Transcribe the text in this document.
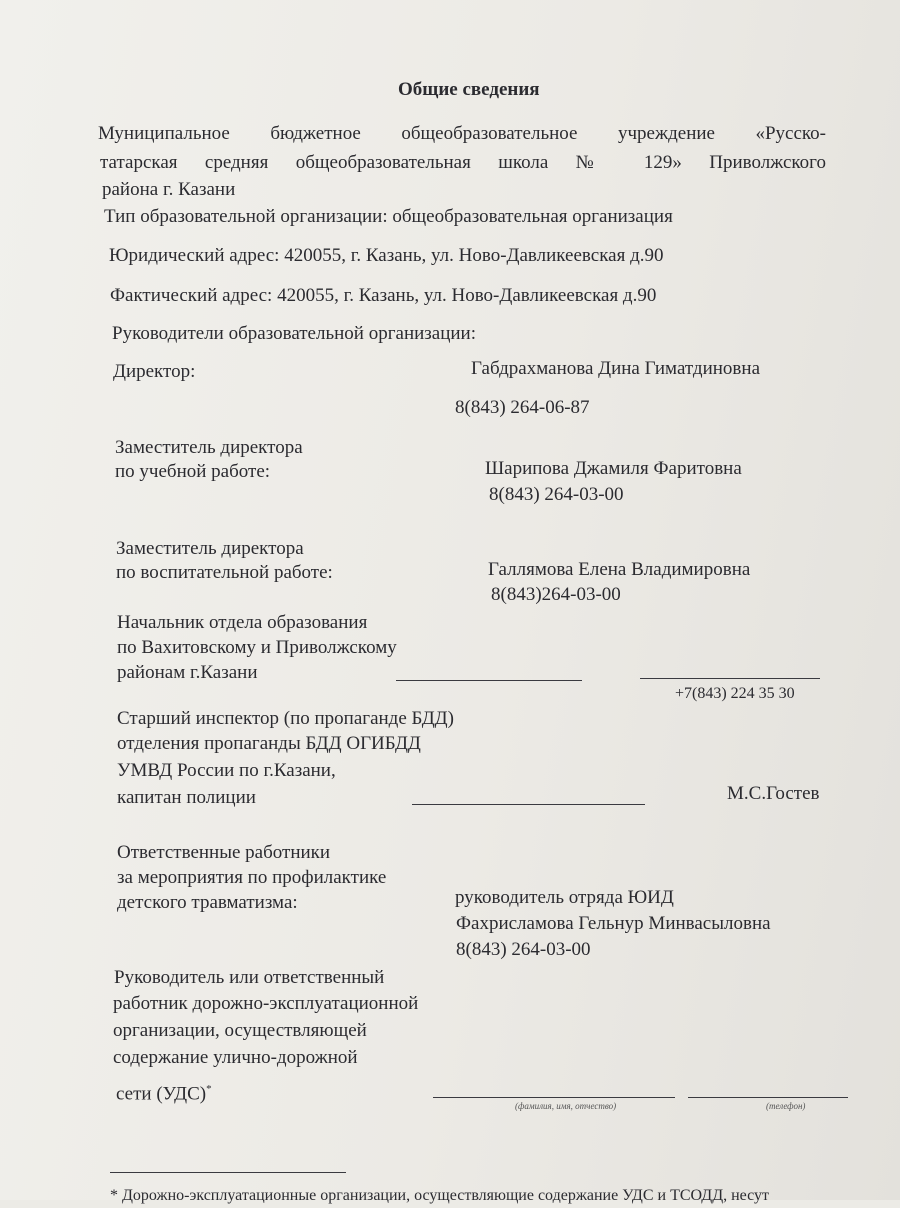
Общие сведения
Муниципальное бюджетное общеобразовательное учреждение «Русско-
татарская средняя общеобразовательная школа № 129» Приволжского
района г. Казани
Тип образовательной организации: общеобразовательная организация
Юридический адрес: 420055, г. Казань, ул. Ново-Давликеевская д.90
Фактический адрес: 420055, г. Казань, ул. Ново-Давликеевская д.90
Руководители образовательной организации:
Директор:	Габдрахманова Дина Гиматдиновна
8(843) 264-06-87
Заместитель директора
по учебной работе:	Шарипова Джамиля Фаритовна
8(843) 264-03-00
Заместитель директора
по воспитательной работе:	Галлямова Елена Владимировна
8(843)264-03-00
Начальник отдела образования
по Вахитовскому и Приволжскому
районам г.Казани
+7(843) 224 35 30
Старший инспектор (по пропаганде БДД)
отделения пропаганды БДД ОГИБДД
УМВД России по г.Казани,
капитан полиции	М.С.Гостев
Ответственные работники
за мероприятия по профилактике
детского травматизма:	руководитель отряда ЮИД
Фахрисламова Гельнур Минвасыловна
8(843) 264-03-00
Руководитель или ответственный
работник дорожно-эксплуатационной
организации, осуществляющей
содержание улично-дорожной
сети (УДС)*
(фамилия, имя, отчество)	(телефон)
* Дорожно-эксплуатационные организации, осуществляющие содержание УДС и ТСОДД, несут
